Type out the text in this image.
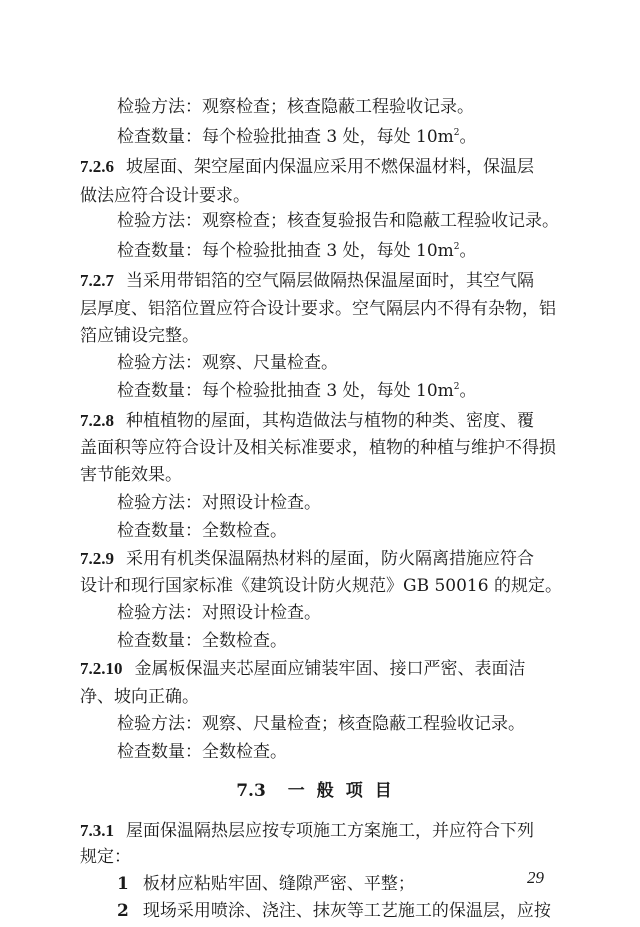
检验方法：观察检查；核查隐蔽工程验收记录。
检查数量：每个检验批抽查 3 处，每处 $10m^2$。
7.2.6 坡屋面、架空屋面内保温应采用不燃保温材料，保温层
做法应符合设计要求。
检验方法：观察检查；核查复验报告和隐蔽工程验收记录。
检查数量：每个检验批抽查 3 处，每处 $10m^2$。
7.2.7 当采用带铝箔的空气隔层做隔热保温屋面时，其空气隔
层厚度、铝箔位置应符合设计要求。空气隔层内不得有杂物，铝
箔应铺设完整。
检验方法：观察、尺量检查。
检查数量：每个检验批抽查 3 处，每处 $10m^2$。
7.2.8 种植植物的屋面，其构造做法与植物的种类、密度、覆
盖面积等应符合设计及相关标准要求，植物的种植与维护不得损
害节能效果。
检验方法：对照设计检查。
检查数量：全数检查。
7.2.9 采用有机类保温隔热材料的屋面，防火隔离措施应符合
设计和现行国家标准《建筑设计防火规范》GB 50016 的规定。
检验方法：对照设计检查。
检查数量：全数检查。
7.2.10 金属板保温夹芯屋面应铺装牢固、接口严密、表面洁
净、坡向正确。
检验方法：观察、尺量检查；核查隐蔽工程验收记录。
检查数量：全数检查。
7.3 一般项目
7.3.1 屋面保温隔热层应按专项施工方案施工，并应符合下列
规定：
1 板材应粘贴牢固、缝隙严密、平整；
2 现场采用喷涂、浇注、抹灰等工艺施工的保温层，应按
29
